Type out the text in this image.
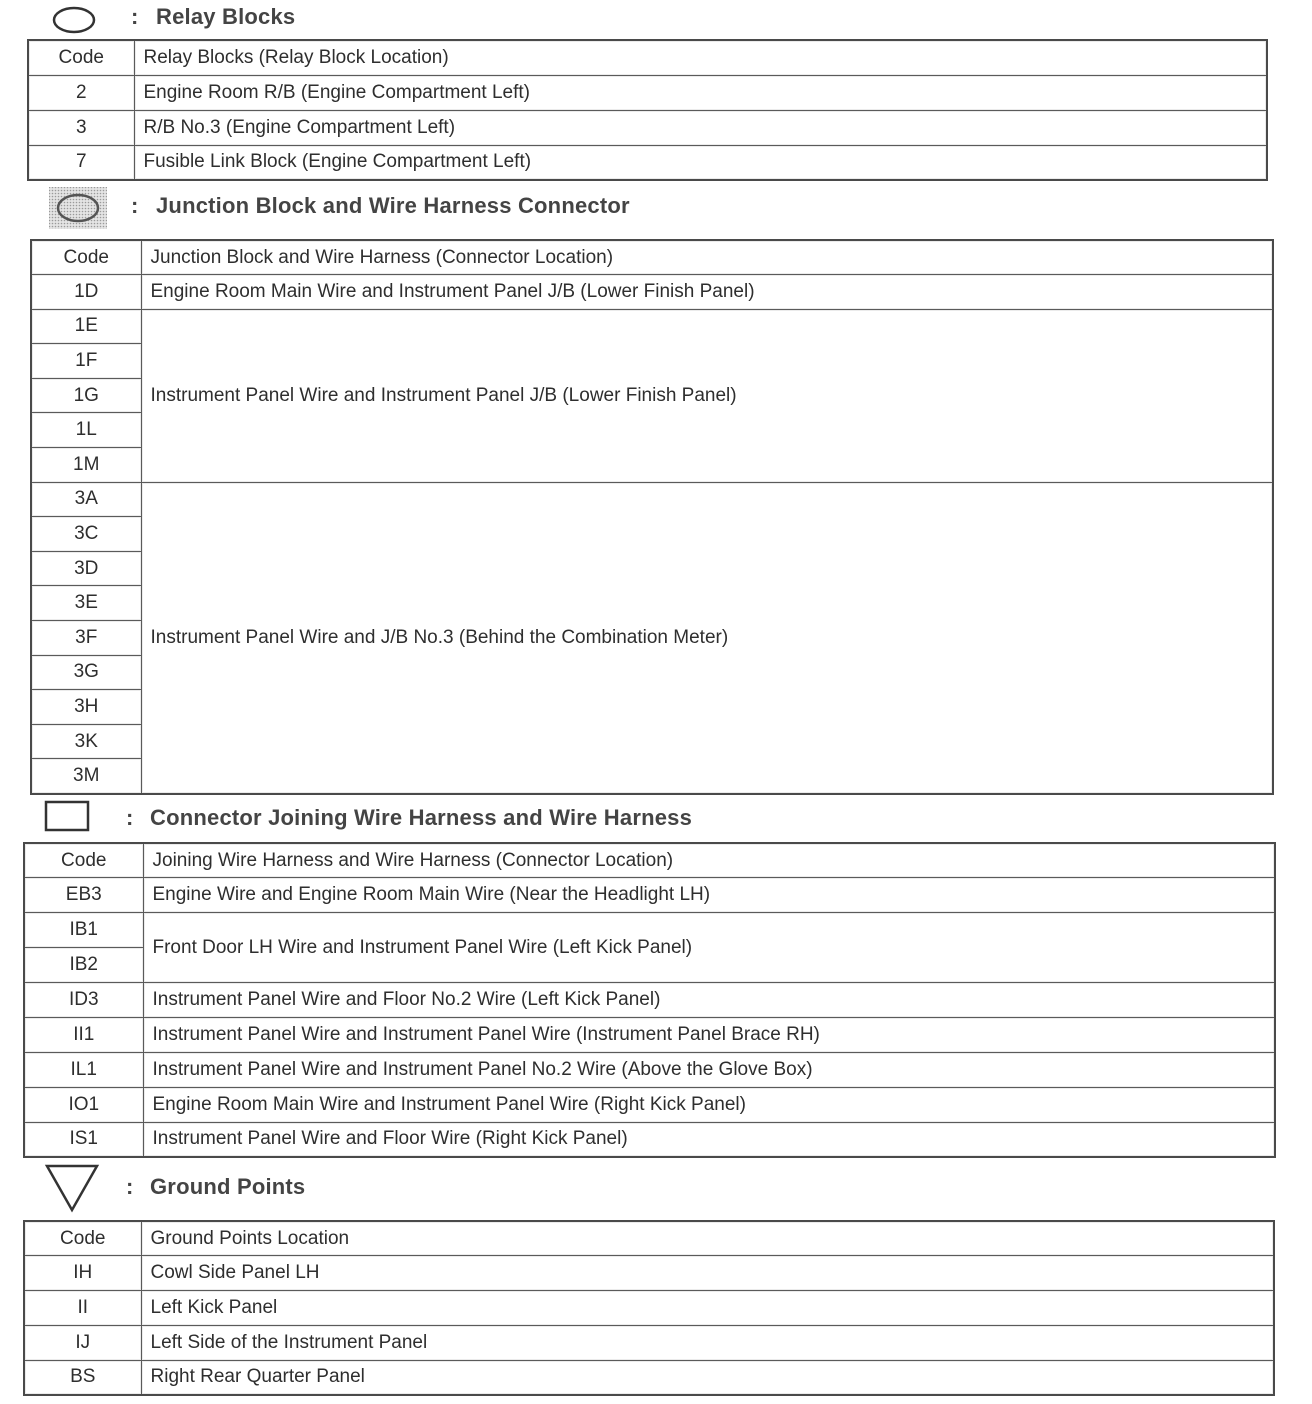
: Relay Blocks
Code	Relay Blocks (Relay Block Location)
2	Engine Room R/B (Engine Compartment Left)
3	R/B No.3 (Engine Compartment Left)
7	Fusible Link Block (Engine Compartment Left)
: Junction Block and Wire Harness Connector
Code	Junction Block and Wire Harness (Connector Location)
1D	Engine Room Main Wire and Instrument Panel J/B (Lower Finish Panel)
1E	Instrument Panel Wire and Instrument Panel J/B (Lower Finish Panel)
1F	
1G	
1L	
1M	
3A	Instrument Panel Wire and J/B No.3 (Behind the Combination Meter)
3C	
3D	
3E	
3F	
3G	
3H	
3K	
3M	
: Connector Joining Wire Harness and Wire Harness
Code	Joining Wire Harness and Wire Harness (Connector Location)
EB3	Engine Wire and Engine Room Main Wire (Near the Headlight LH)
IB1	Front Door LH Wire and Instrument Panel Wire (Left Kick Panel)
IB2	
ID3	Instrument Panel Wire and Floor No.2 Wire (Left Kick Panel)
II1	Instrument Panel Wire and Instrument Panel Wire (Instrument Panel Brace RH)
IL1	Instrument Panel Wire and Instrument Panel No.2 Wire (Above the Glove Box)
IO1	Engine Room Main Wire and Instrument Panel Wire (Right Kick Panel)
IS1	Instrument Panel Wire and Floor Wire (Right Kick Panel)
: Ground Points
Code	Ground Points Location
IH	Cowl Side Panel LH
II	Left Kick Panel
IJ	Left Side of the Instrument Panel
BS	Right Rear Quarter Panel
